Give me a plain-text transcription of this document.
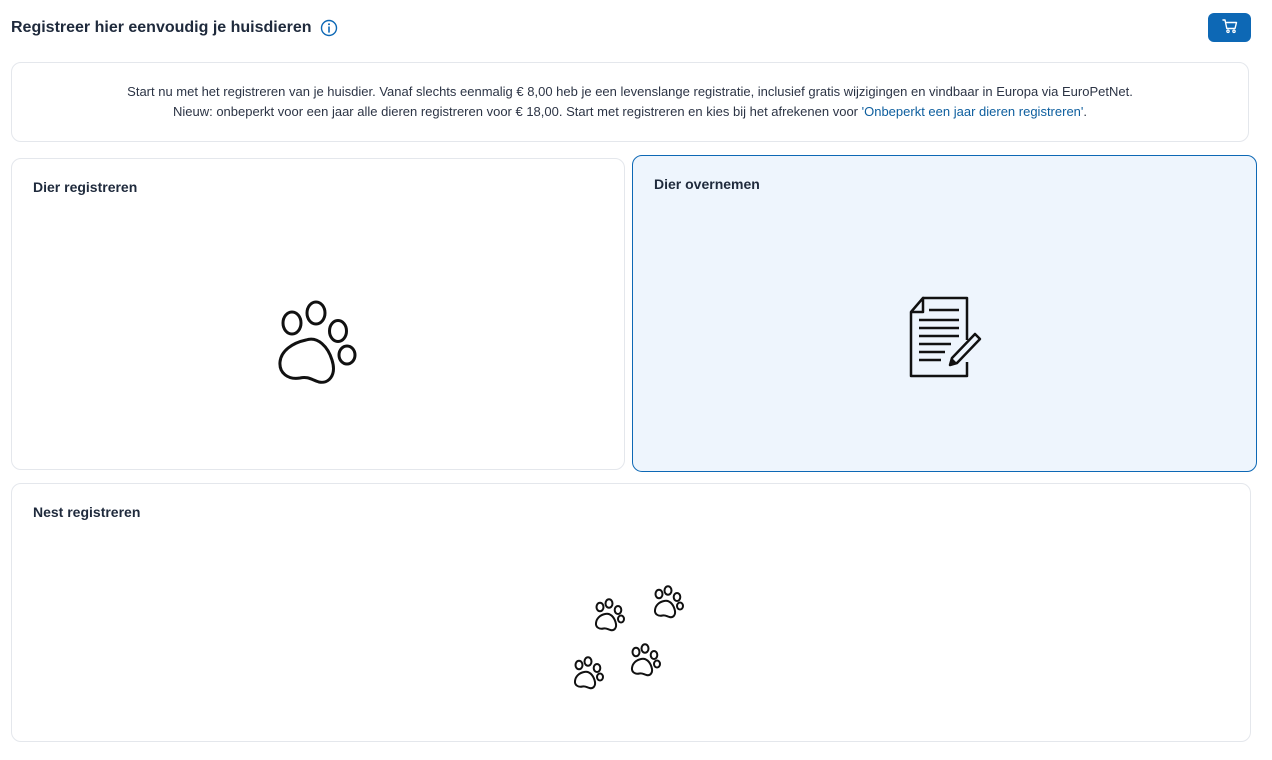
Registreer hier eenvoudig je huisdieren
Start nu met het registreren van je huisdier. Vanaf slechts eenmalig € 8,00 heb je een levenslange registratie, inclusief gratis wijzigingen en vindbaar in Europa via EuroPetNet.
Nieuw: onbeperkt voor een jaar alle dieren registreren voor € 18,00. Start met registreren en kies bij het afrekenen voor 'Onbeperkt een jaar dieren registreren'.
Dier registreren	Dier overnemen
Nest registreren
